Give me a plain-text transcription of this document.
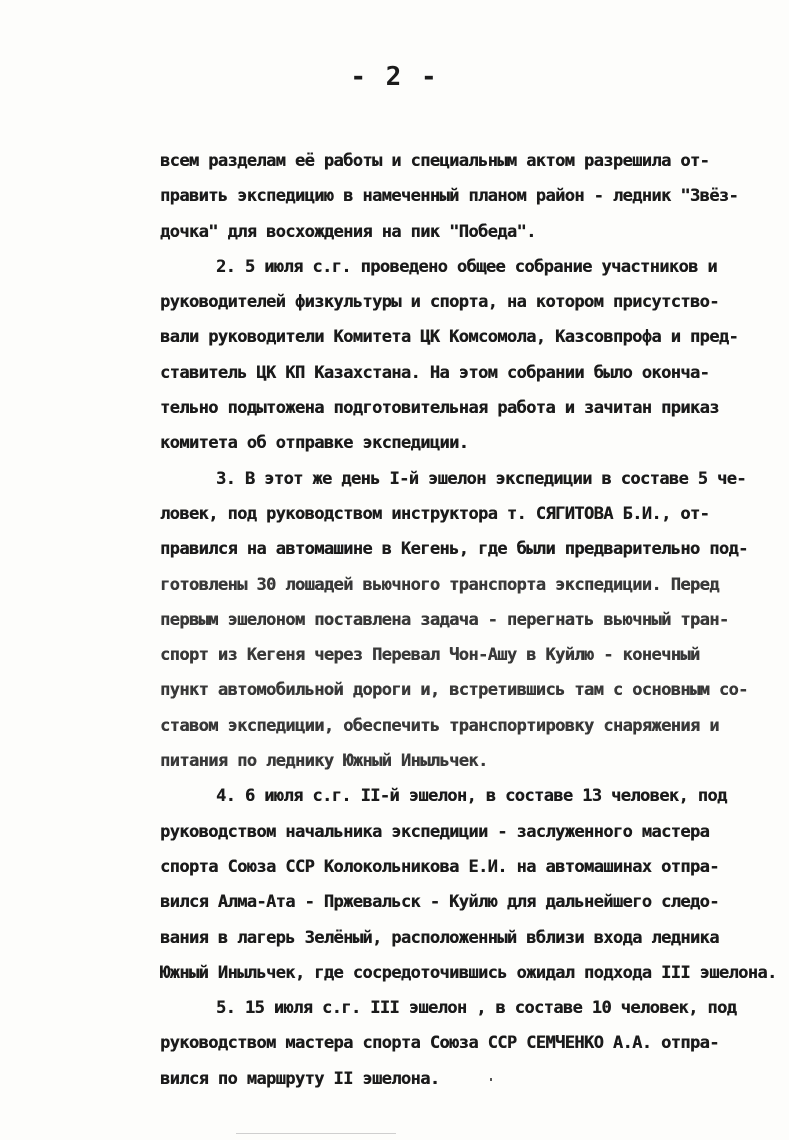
- 2 -
всем разделам её работы и специальным актом разрешила от-
править экспедицию в намеченный планом район - ледник "Звёз-
дочка" для восхождения на пик "Победа".
2. 5 июля с.г. проведено общее собрание участников и
руководителей физкультуры и спорта, на котором присутство-
вали руководители Комитета ЦК Комсомола, Казсовпрофа и пред-
ставитель ЦК КП Казахстана. На этом собрании было оконча-
тельно подытожена подготовительная работа и зачитан приказ
комитета об отправке экспедиции.
3. В этот же день I-й эшелон экспедиции в составе 5 че-
ловек, под руководством инструктора т. СЯГИТОВА Б.И., от-
правился на автомашине в Кегень, где были предварительно под-
готовлены 30 лошадей вьючного транспорта экспедиции. Перед
первым эшелоном поставлена задача - перегнать вьючный тран-
спорт из Кегеня через Перевал Чон-Ашу в Куйлю - конечный
пункт автомобильной дороги и, встретившись там с основным со-
ставом экспедиции, обеспечить транспортировку снаряжения и
питания по леднику Южный Иныльчек.
4. 6 июля с.г. II-й эшелон, в составе 13 человек, под
руководством начальника экспедиции - заслуженного мастера
спорта Союза ССР Колокольникова Е.И. на автомашинах отпра-
вился Алма-Ата - Пржевальск - Куйлю для дальнейшего следо-
вания в лагерь Зелёный, расположенный вблизи входа ледника
Южный Иныльчек, где сосредоточившись ожидал подхода III эшелона.
5. 15 июля с.г. III эшелон , в составе 10 человек, под
руководством мастера спорта Союза ССР СЕМЧЕНКО А.А. отпра-
вился по маршруту II эшелона.
